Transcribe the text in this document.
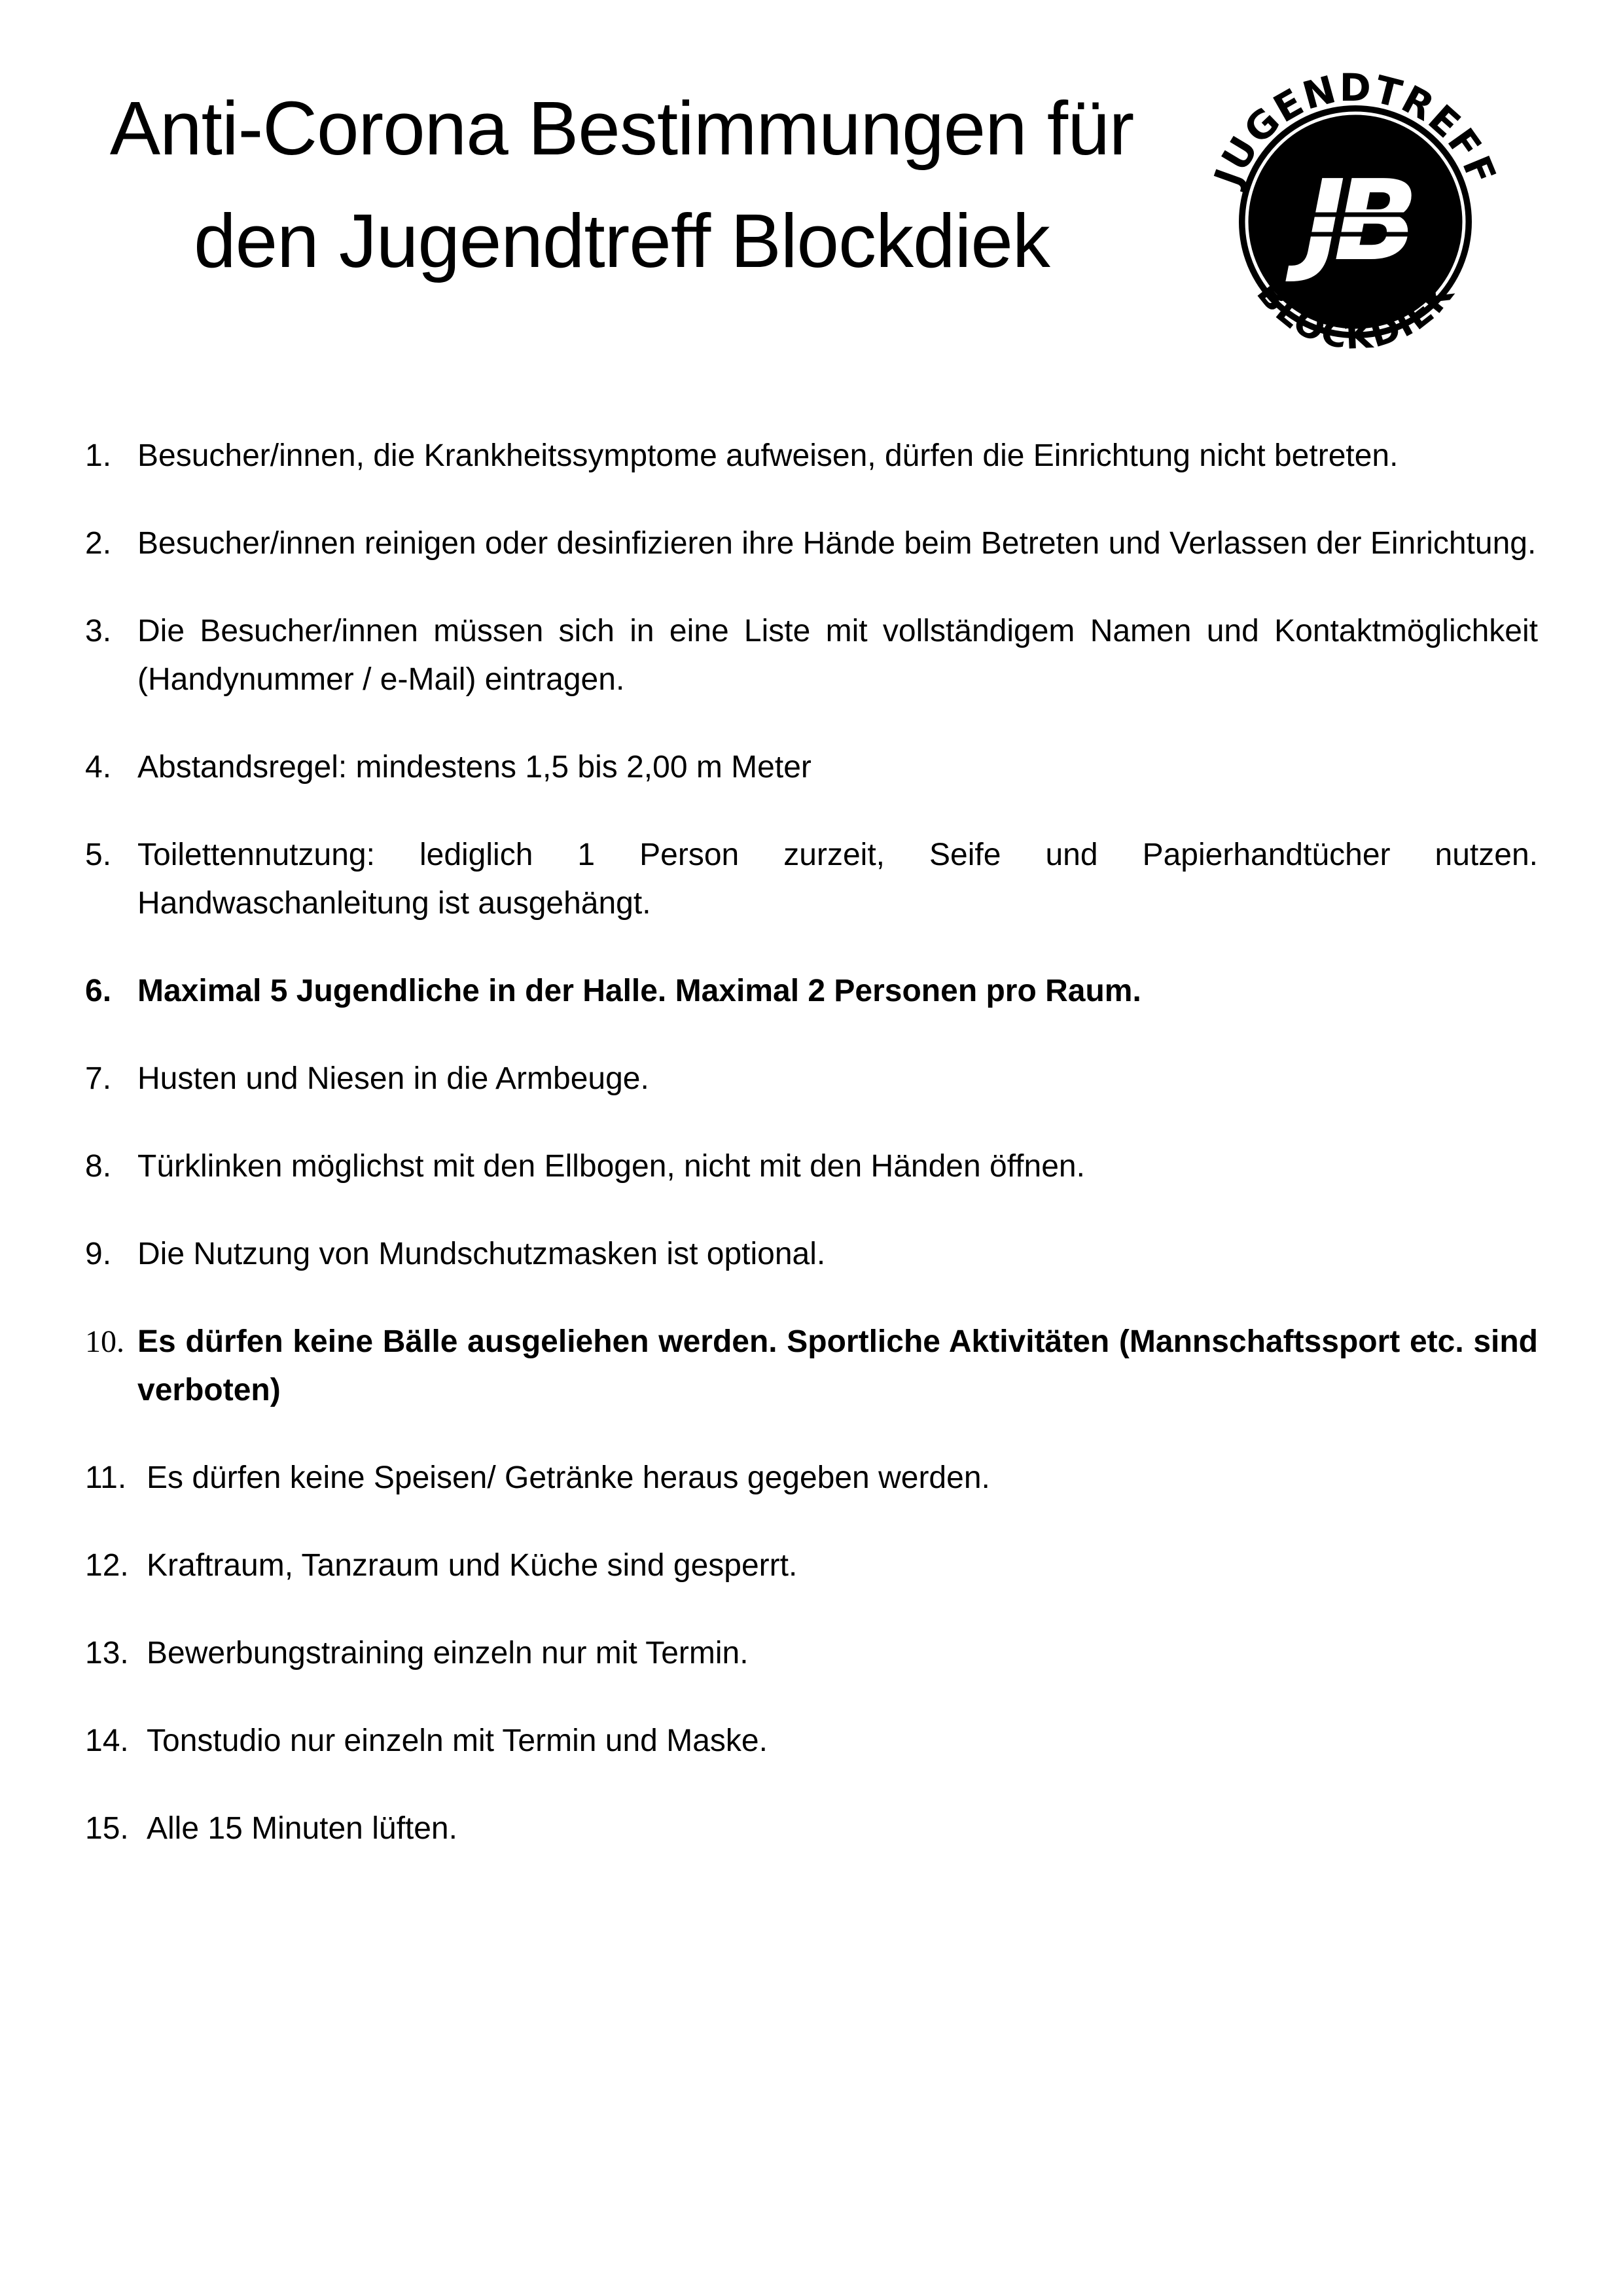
Anti-Corona Bestimmungen für
den Jugendtreff Blockdiek
JUGENDTREFF
BLOCKDIEK
JB
1. Besucher/innen, die Krankheitssymptome aufweisen, dürfen die Einrichtung nicht betreten.
2. Besucher/innen reinigen oder desinfizieren ihre Hände beim Betreten und Verlassen der Einrichtung.
3. Die Besucher/innen müssen sich in eine Liste mit vollständigem Namen und Kontaktmöglichkeit (Handynummer / e-Mail) eintragen.
4. Abstandsregel: mindestens 1,5 bis 2,00 m Meter
5. Toilettennutzung: lediglich 1 Person zurzeit, Seife und Papierhandtücher nutzen. Handwaschanleitung ist ausgehängt.
6. Maximal 5 Jugendliche in der Halle. Maximal 2 Personen pro Raum.
7. Husten und Niesen in die Armbeuge.
8. Türklinken möglichst mit den Ellbogen, nicht mit den Händen öffnen.
9. Die Nutzung von Mundschutzmasken ist optional.
10. Es dürfen keine Bälle ausgeliehen werden. Sportliche Aktivitäten (Mannschaftssport etc. sind verboten)
11. Es dürfen keine Speisen/ Getränke heraus gegeben werden.
12. Kraftraum, Tanzraum und Küche sind gesperrt.
13. Bewerbungstraining einzeln nur mit Termin.
14. Tonstudio nur einzeln mit Termin und Maske.
15. Alle 15 Minuten lüften.
